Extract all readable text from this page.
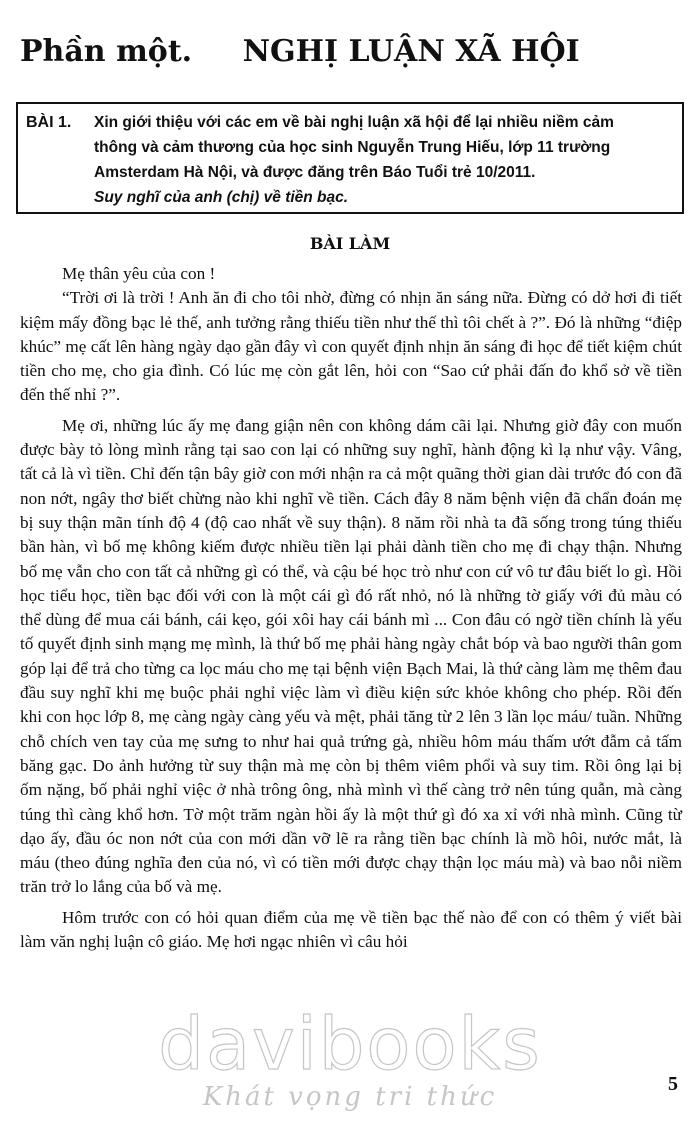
Phần một. NGHỊ LUẬN XÃ HỘI
BÀI 1.	Xin giới thiệu với các em về bài nghị luận xã hội để lại nhiều niềm cảm
thông và cảm thương của học sinh Nguyễn Trung Hiếu, lớp 11 trường
Amsterdam Hà Nội, và được đăng trên Báo Tuổi trẻ 10/2011.
Suy nghĩ của anh (chị) về tiền bạc.
BÀI LÀM

Mẹ thân yêu của con !

“Trời ơi là trời ! Anh ăn đi cho tôi nhờ, đừng có nhịn ăn sáng nữa. Đừng có dở hơi đi tiết kiệm mấy đồng bạc lẻ thế, anh tưởng rằng thiếu tiền như thế thì tôi chết à ?”. Đó là những “điệp khúc” mẹ cất lên hàng ngày dạo gần đây vì con quyết định nhịn ăn sáng đi học để tiết kiệm chút tiền cho mẹ, cho gia đình. Có lúc mẹ còn gắt lên, hỏi con “Sao cứ phải đấn đo khổ sở về tiền đến thế nhỉ ?”.

Mẹ ơi, những lúc ấy mẹ đang giận nên con không dám cãi lại. Nhưng giờ đây con muốn được bày tỏ lòng mình rằng tại sao con lại có những suy nghĩ, hành động kì lạ như vậy. Vâng, tất cả là vì tiền. Chỉ đến tận bây giờ con mới nhận ra cả một quãng thời gian dài trước đó con đã non nớt, ngây thơ biết chừng nào khi nghĩ về tiền. Cách đây 8 năm bệnh viện đã chẩn đoán mẹ bị suy thận mãn tính độ 4 (độ cao nhất về suy thận). 8 năm rồi nhà ta đã sống trong túng thiếu bần hàn, vì bố mẹ không kiếm được nhiều tiền lại phải dành tiền cho mẹ đi chạy thận. Nhưng bố mẹ vẫn cho con tất cả những gì có thể, và cậu bé học trò như con cứ vô tư đâu biết lo gì. Hồi học tiểu học, tiền bạc đối với con là một cái gì đó rất nhỏ, nó là những tờ giấy với đủ màu có thể dùng để mua cái bánh, cái kẹo, gói xôi hay cái bánh mì ... Con đâu có ngờ tiền chính là yếu tố quyết định sinh mạng mẹ mình, là thứ bố mẹ phải hàng ngày chắt bóp và bao người thân gom góp lại để trả cho từng ca lọc máu cho mẹ tại bệnh viện Bạch Mai, là thứ càng làm mẹ thêm đau đầu suy nghĩ khi mẹ buộc phải nghỉ việc làm vì điều kiện sức khỏe không cho phép. Rồi đến khi con học lớp 8, mẹ càng ngày càng yếu và mệt, phải tăng từ 2 lên 3 lần lọc máu/ tuần. Những chỗ chích ven tay của mẹ sưng to như hai quả trứng gà, nhiều hôm máu thấm ướt đẫm cả tấm băng gạc. Do ảnh hưởng từ suy thận mà mẹ còn bị thêm viêm phổi và suy tim. Rồi ông lại bị ốm nặng, bố phải nghỉ việc ở nhà trông ông, nhà mình vì thế càng trở nên túng quẫn, mà càng túng thì càng khổ hơn. Tờ một trăm ngàn hồi ấy là một thứ gì đó xa xỉ với nhà mình. Cũng từ dạo ấy, đầu óc non nớt của con mới dần vỡ lẽ ra rằng tiền bạc chính là mồ hôi, nước mắt, là máu (theo đúng nghĩa đen của nó, vì có tiền mới được chạy thận lọc máu mà) và bao nỗi niềm trăn trở lo lắng của bố và mẹ.

Hôm trước con có hỏi quan điểm của mẹ về tiền bạc thế nào để con có thêm ý viết bài làm văn nghị luận cô giáo. Mẹ hơi ngạc nhiên vì câu hỏi

davibooks
Khát vọng tri thức	5
